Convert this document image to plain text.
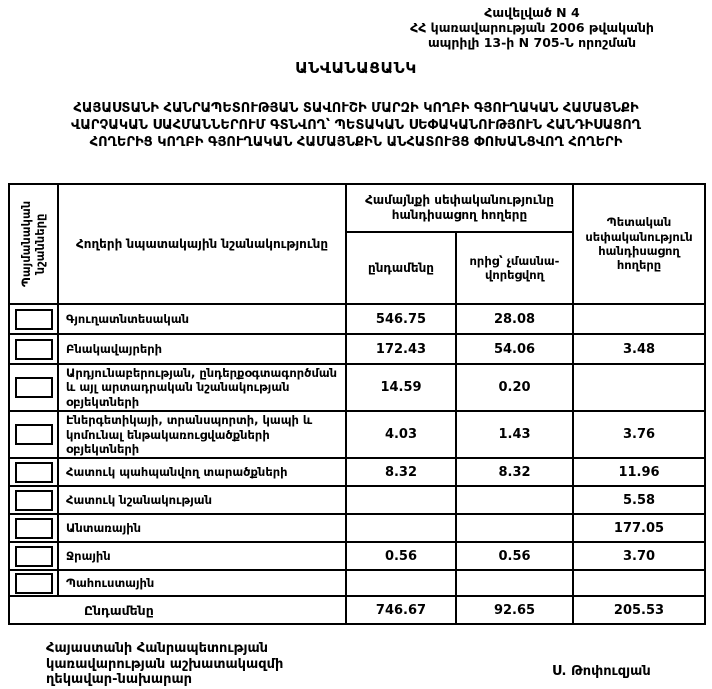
Հավելված N 4
ՀՀ կառավարության 2006 թվականի
ապրիլի 13-ի N 705-Ն որոշման
ԱՆՎԱՆԱՑԱՆԿ
ՀԱՅԱՍՏԱՆԻ ՀԱՆՐԱՊԵՏՈՒԹՅԱՆ ՏԱՎՈՒՇԻ ՄԱՐԶԻ ԿՈՂԲԻ ԳՅՈՒՂԱԿԱՆ ՀԱՄԱՅՆՔԻ
ՎԱՐՉԱԿԱՆ ՍԱՀՄԱՆՆԵՐՈՒՄ ԳՏՆՎՈՂ՝ ՊԵՏԱԿԱՆ ՍԵՓԱԿԱՆՈՒԹՅՈՒՆ ՀԱՆԴԻՍԱՑՈՂ
ՀՈՂԵՐԻՑ ԿՈՂԲԻ ԳՅՈՒՂԱԿԱՆ ՀԱՄԱՅՆՔԻՆ ԱՆՀԱՏՈՒՅՑ ՓՈԽԱՆՑՎՈՂ ՀՈՂԵՐԻ
Պայմանական նշանները	Հողերի նպատակային նշանակությունը	Համայնքի սեփականությունը հանդիսացող հողերը		Պետական սեփականություն հանդիսացող հողերը
		ընդամենը	որից՝ չմասնա-վորեցվող	

	Գյուղատնտեսական	546.75	28.08	

	Բնակավայրերի	172.43	54.06	3.48

	Արդյունաբերության, ընդերքօգտագործման և այլ արտադրական նշանակության օբյեկտների	14.59	0.20	

	Էներգետիկայի, տրանսպորտի, կապի և կոմունալ ենթակառուցվածքների օբյեկտների	4.03	1.43	3.76

	Հատուկ պահպանվող տարածքների	8.32	8.32	11.96

	Հատուկ նշանակության			5.58

	Անտառային			177.05

	Ջրային	0.56	0.56	3.70

	Պահուստային			
Ընդամենը		746.67	92.65	205.53
Հայաստանի Հանրապետության
կառավարության աշխատակազմի
ղեկավար-նախարար
Ս. Թոփուզյան
